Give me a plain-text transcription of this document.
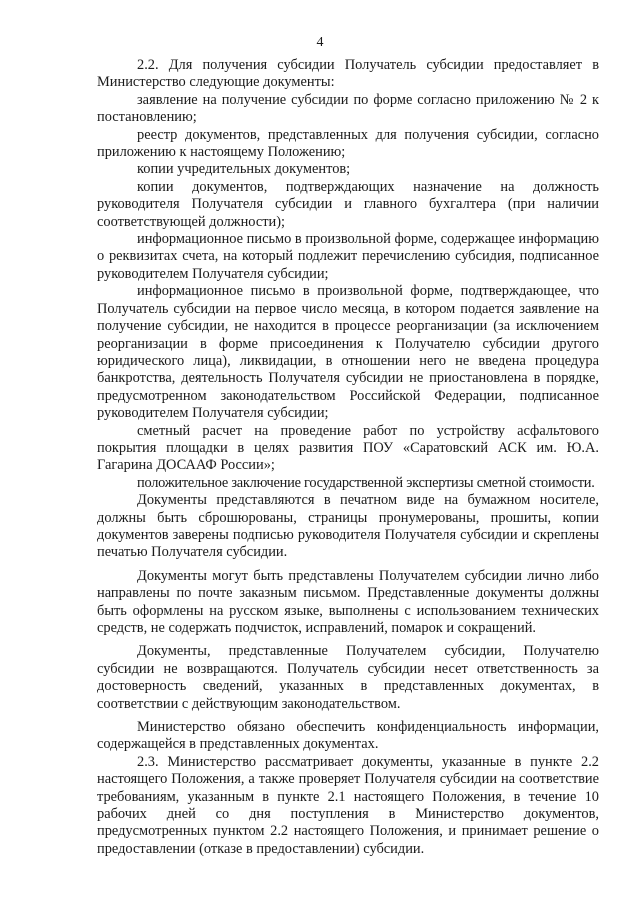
4

2.2. Для получения субсидии Получатель субсидии предоставляет в Министерство следующие документы:

заявление на получение субсидии по форме согласно приложению № 2 к постановлению;

реестр документов, представленных для получения субсидии, согласно приложению к настоящему Положению;

копии учредительных документов;

копии документов, подтверждающих назначение на должность руководителя Получателя субсидии и главного бухгалтера (при наличии соответствующей должности);

информационное письмо в произвольной форме, содержащее информацию о реквизитах счета, на который подлежит перечислению субсидия, подписанное руководителем Получателя субсидии;

информационное письмо в произвольной форме, подтверждающее, что Получатель субсидии на первое число месяца, в котором подается заявление на получение субсидии, не находится в процессе реорганизации (за исключением реорганизации в форме присоединения к Получателю субсидии другого юридического лица), ликвидации, в отношении него не введена процедура банкротства, деятельность Получателя субсидии не приостановлена в порядке, предусмотренном законодательством Российской Федерации, подписанное руководителем Получателя субсидии;

сметный расчет на проведение работ по устройству асфальтового покрытия площадки в целях развития ПОУ «Саратовский АСК им. Ю.А. Гагарина ДОСААФ России»;

положительное заключение государственной экспертизы сметной стоимости.

Документы представляются в печатном виде на бумажном носителе, должны быть сброшюрованы, страницы пронумерованы, прошиты, копии документов заверены подписью руководителя Получателя субсидии и скреплены печатью Получателя субсидии.

Документы могут быть представлены Получателем субсидии лично либо направлены по почте заказным письмом. Представленные документы должны быть оформлены на русском языке, выполнены с использованием технических средств, не содержать подчисток, исправлений, помарок и сокращений.

Документы, представленные Получателем субсидии, Получателю субсидии не возвращаются. Получатель субсидии несет ответственность за достоверность сведений, указанных в представленных документах, в соответствии с действующим законодательством.

Министерство обязано обеспечить конфиденциальность информации, содержащейся в представленных документах.

2.3. Министерство рассматривает документы, указанные в пункте 2.2 настоящего Положения, а также проверяет Получателя субсидии на соответствие требованиям, указанным в пункте 2.1 настоящего Положения, в течение 10 рабочих дней со дня поступления в Министерство документов, предусмотренных пунктом 2.2 настоящего Положения, и принимает решение о предоставлении (отказе в предоставлении) субсидии.
